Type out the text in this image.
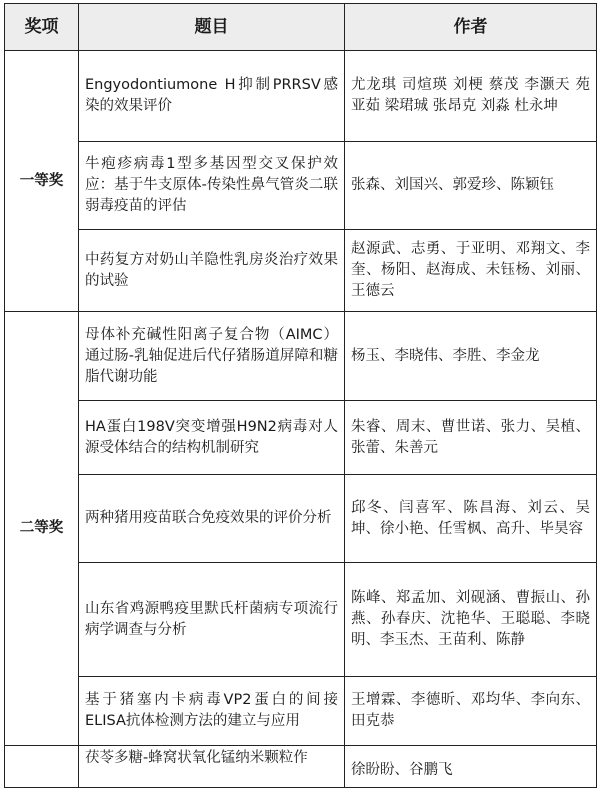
奖项	题目	作者
一等奖	Engyodontiumone H抑制PRRSV感染的效果评价	尤龙琪 司煊瑛 刘梗 蔡茂 李灏天 苑亚茹 梁珺珹 张昂克 刘淼 杜永坤
	牛疱疹病毒1型多基因型交叉保护效应：基于牛支原体-传染性鼻气管炎二联弱毒疫苗的评估	张森、刘国兴、郭爱珍、陈颖钰
	中药复方对奶山羊隐性乳房炎治疗效果的试验	赵源武、志勇、于亚明、邓翔文、李奎、杨阳、赵海成、未钰杨、刘丽、王德云
二等奖	母体补充碱性阳离子复合物（AIMC）通过肠-乳轴促进后代仔猪肠道屏障和糖脂代谢功能	杨玉、李晓伟、李胜、李金龙
	HA蛋白198V突变增强H9N2病毒对人源受体结合的结构机制研究	朱睿、周末、曹世诺、张力、吴植、张蕾、朱善元
	两种猪用疫苗联合免疫效果的评价分析	邱冬、闫喜军、陈昌海、刘云、吴坤、徐小艳、任雪枫、高升、毕昊容
	山东省鸡源鸭疫里默氏杆菌病专项流行病学调查与分析	陈峰、郑孟加、刘砚涵、曹振山、孙燕、孙春庆、沈艳华、王聪聪、李晓明、李玉杰、王苗利、陈静
	基于猪塞内卡病毒VP2蛋白的间接ELISA抗体检测方法的建立与应用	王增霖、李德昕、邓均华、李向东、田克恭
	茯苓多糖-蜂窝状氧化锰纳米颗粒作	徐盼盼、谷鹏飞
